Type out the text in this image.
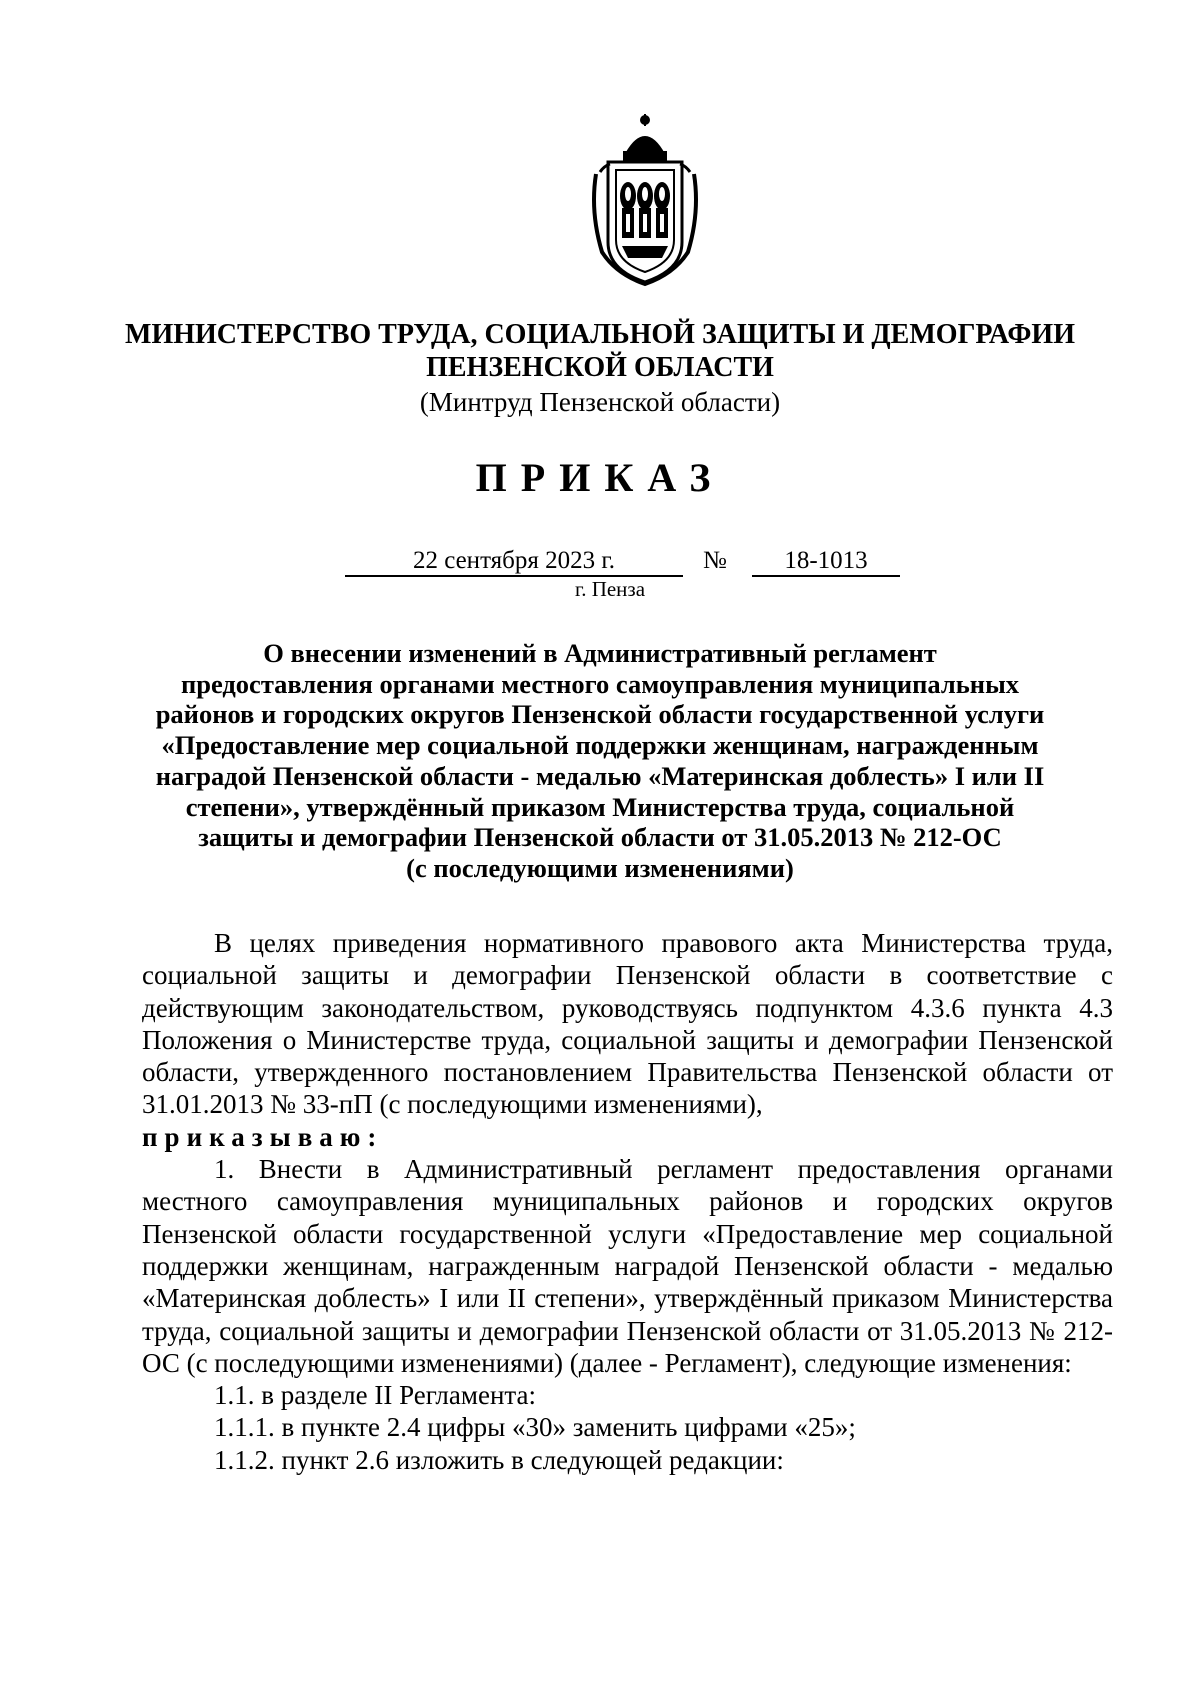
МИНИСТЕРСТВО ТРУДА, СОЦИАЛЬНОЙ ЗАЩИТЫ И ДЕМОГРАФИИ
ПЕНЗЕНСКОЙ ОБЛАСТИ
(Минтруд Пензенской области)
ПРИКАЗ
22 сентября 2023 г.	№	18-1013
г. Пенза
О внесении изменений в Административный регламент
предоставления органами местного самоуправления муниципальных
районов и городских округов Пензенской области государственной услуги
«Предоставление мер социальной поддержки женщинам, награжденным
наградой Пензенской области - медалью «Материнская доблесть» I или II
степени», утверждённый приказом Министерства труда, социальной
защиты и демографии Пензенской области от 31.05.2013 № 212-ОС
(с последующими изменениями)

В целях приведения нормативного правового акта Министерства труда, социальной защиты и демографии Пензенской области в соответствие с действующим законодательством, руководствуясь подпунктом 4.3.6 пункта 4.3 Положения о Министерстве труда, социальной защиты и демографии Пензенской области, утвержденного постановлением Правительства Пензенской области от 31.01.2013 № 33-пП (с последующими изменениями),

приказываю:

1. Внести в Административный регламент предоставления органами местного самоуправления муниципальных районов и городских округов Пензенской области государственной услуги «Предоставление мер социальной поддержки женщинам, награжденным наградой Пензенской области - медалью «Материнская доблесть» I или II степени», утверждённый приказом Министерства труда, социальной защиты и демографии Пензенской области от 31.05.2013 № 212-ОС (с последующими изменениями) (далее - Регламент), следующие изменения:

1.1. в разделе II Регламента:

1.1.1. в пункте 2.4 цифры «30» заменить цифрами «25»;

1.1.2. пункт 2.6 изложить в следующей редакции:
